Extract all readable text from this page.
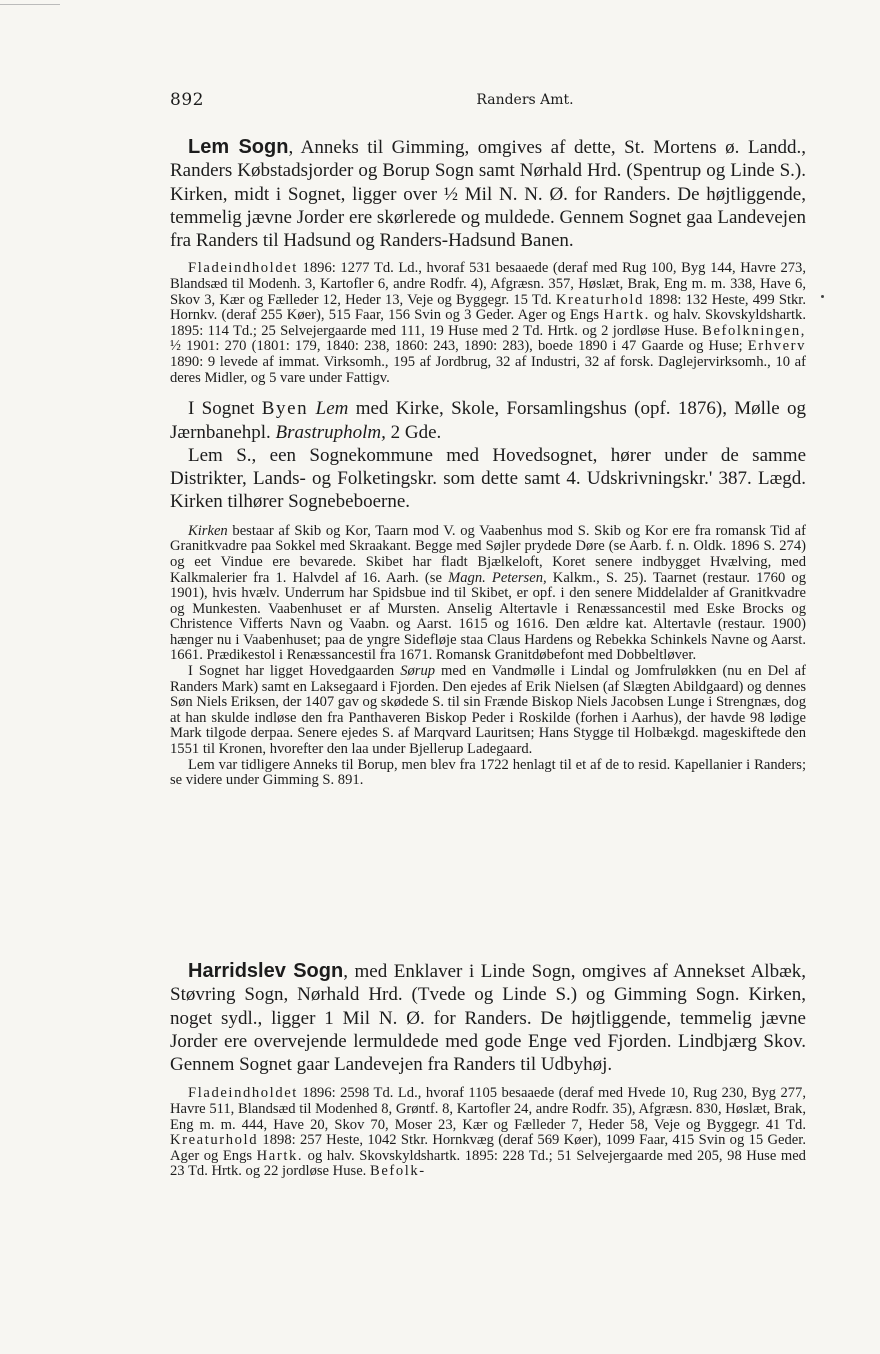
892	Randers Amt.

Lem Sogn, Anneks til Gimming, omgives af dette, St. Mortens ø. Landd., Randers Købstadsjorder og Borup Sogn samt Nørhald Hrd. (Spentrup og Linde S.). Kirken, midt i Sognet, ligger over ½ Mil N. N. Ø. for Randers. De højtliggende, temmelig jævne Jorder ere skørlerede og muldede. Gennem Sognet gaa Landevejen fra Randers til Hadsund og Randers-Hadsund Banen.

Fladeindholdet 1896: 1277 Td. Ld., hvoraf 531 besaaede (deraf med Rug 100, Byg 144, Havre 273, Blandsæd til Modenh. 3, Kartofler 6, andre Rodfr. 4), Afgræsn. 357, Høslæt, Brak, Eng m. m. 338, Have 6, Skov 3, Kær og Fælleder 12, Heder 13, Veje og Byggegr. 15 Td. Kreaturhold 1898: 132 Heste, 499 Stkr. Hornkv. (deraf 255 Køer), 515 Faar, 156 Svin og 3 Geder. Ager og Engs Hartk. og halv. Skovskyldshartk. 1895: 114 Td.; 25 Selvejergaarde med 111, 19 Huse med 2 Td. Hrtk. og 2 jordløse Huse. Befolkningen, ½ 1901: 270 (1801: 179, 1840: 238, 1860: 243, 1890: 283), boede 1890 i 47 Gaarde og Huse; Erhverv 1890: 9 levede af immat. Virksomh., 195 af Jordbrug, 32 af Industri, 32 af forsk. Daglejervirksomh., 10 af deres Midler, og 5 vare under Fattigv.

I Sognet Byen Lem med Kirke, Skole, Forsamlingshus (opf. 1876), Mølle og Jærnbanehpl. Brastrupholm, 2 Gde.

Lem S., een Sognekommune med Hovedsognet, hører under de samme Distrikter, Lands- og Folketingskr. som dette samt 4. Udskrivningskr.' 387. Lægd. Kirken tilhører Sognebeboerne.

Kirken bestaar af Skib og Kor, Taarn mod V. og Vaabenhus mod S. Skib og Kor ere fra romansk Tid af Granitkvadre paa Sokkel med Skraakant. Begge med Søjler prydede Døre (se Aarb. f. n. Oldk. 1896 S. 274) og eet Vindue ere bevarede. Skibet har fladt Bjælkeloft, Koret senere indbygget Hvælving, med Kalkmalerier fra 1. Halvdel af 16. Aarh. (se Magn. Petersen, Kalkm., S. 25). Taarnet (restaur. 1760 og 1901), hvis hvælv. Underrum har Spidsbue ind til Skibet, er opf. i den senere Middelalder af Granitkvadre og Munkesten. Vaabenhuset er af Mursten. Anselig Altertavle i Renæssancestil med Eske Brocks og Christence Vifferts Navn og Vaabn. og Aarst. 1615 og 1616. Den ældre kat. Altertavle (restaur. 1900) hænger nu i Vaabenhuset; paa de yngre Sidefløje staa Claus Hardens og Rebekka Schinkels Navne og Aarst. 1661. Prædikestol i Renæssancestil fra 1671. Romansk Granitdøbefont med Dobbeltløver.

I Sognet har ligget Hovedgaarden Sørup med en Vandmølle i Lindal og Jomfruløkken (nu en Del af Randers Mark) samt en Laksegaard i Fjorden. Den ejedes af Erik Nielsen (af Slægten Abildgaard) og dennes Søn Niels Eriksen, der 1407 gav og skødede S. til sin Frænde Biskop Niels Jacobsen Lunge i Strengnæs, dog at han skulde indløse den fra Panthaveren Biskop Peder i Roskilde (forhen i Aarhus), der havde 98 lødige Mark tilgode derpaa. Senere ejedes S. af Marqvard Lauritsen; Hans Stygge til Holbækgd. mageskiftede den 1551 til Kronen, hvorefter den laa under Bjellerup Ladegaard.

Lem var tidligere Anneks til Borup, men blev fra 1722 henlagt til et af de to resid. Kapellanier i Randers; se videre under Gimming S. 891.

Harridslev Sogn, med Enklaver i Linde Sogn, omgives af Annekset Albæk, Støvring Sogn, Nørhald Hrd. (Tvede og Linde S.) og Gimming Sogn. Kirken, noget sydl., ligger 1 Mil N. Ø. for Randers. De højtliggende, temmelig jævne Jorder ere overvejende lermuldede med gode Enge ved Fjorden. Lindbjærg Skov. Gennem Sognet gaar Landevejen fra Randers til Udbyhøj.

Fladeindholdet 1896: 2598 Td. Ld., hvoraf 1105 besaaede (deraf med Hvede 10, Rug 230, Byg 277, Havre 511, Blandsæd til Modenhed 8, Grøntf. 8, Kartofler 24, andre Rodfr. 35), Afgræsn. 830, Høslæt, Brak, Eng m. m. 444, Have 20, Skov 70, Moser 23, Kær og Fælleder 7, Heder 58, Veje og Byggegr. 41 Td. Kreaturhold 1898: 257 Heste, 1042 Stkr. Hornkvæg (deraf 569 Køer), 1099 Faar, 415 Svin og 15 Geder. Ager og Engs Hartk. og halv. Skovskyldshartk. 1895: 228 Td.; 51 Selvejergaarde med 205, 98 Huse med 23 Td. Hrtk. og 22 jordløse Huse. Befolk-
